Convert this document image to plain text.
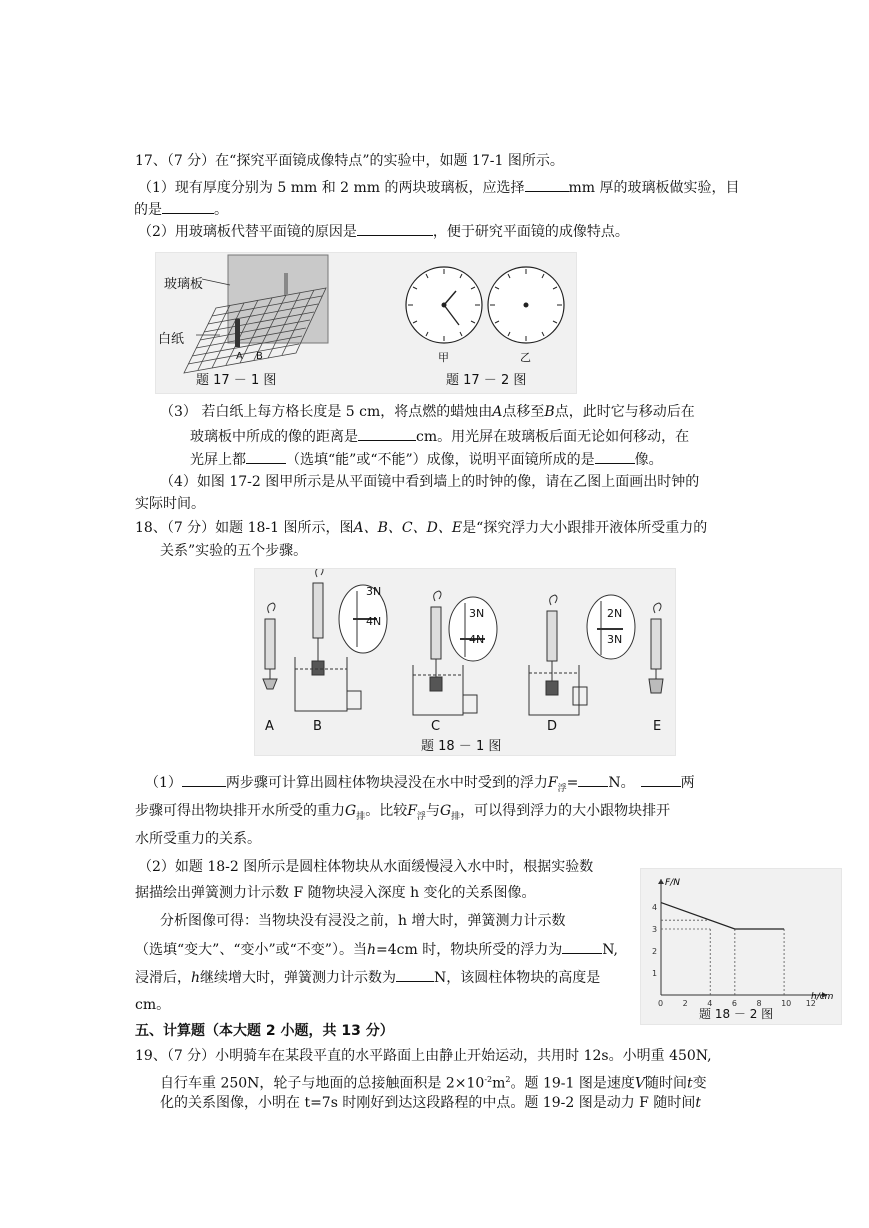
17、（7 分）在“探究平面镜成像特点”的实验中，如题 17-1 图所示。
（1）现有厚度分别为 5 mm 和 2 mm 的两块玻璃板，应选择	mm 厚的玻璃板做实验，目
的是	。
（2）用玻璃板代替平面镜的原因是	，便于研究平面镜的成像特点。
玻璃板
白纸
A B	甲	乙
题 17 － 1 图	题 17 － 2 图
（3） 若白纸上每方格长度是 5 cm，将点燃的蜡烛由A点移至B点，此时它与移动后在
玻璃板中所成的像的距离是	cm。用光屏在玻璃板后面无论如何移动，在
光屏上都	（选填“能”或“不能”）成像，说明平面镜所成的是	像。
（4）如图 17-2 图甲所示是从平面镜中看到墙上的时钟的像，请在乙图上面画出时钟的
实际时间。
18、（7 分）如题 18-1 图所示，图A、B、C、D、E是“探究浮力大小跟排开液体所受重力的
关系”实验的五个步骤。
3N
4N
3N
4N
2N
3N
A	B	C	D	E
题 18 － 1 图
（1）	两步骤可计算出圆柱体物块浸没在水中时受到的浮力$F_浮= N$。	两
步骤可得出物块排开水所受的重力$G_排$。比较$F_浮$与$G_排$，可以得到浮力的大小跟物块排开
水所受重力的关系。
（2）如题 18-2 图所示是圆柱体物块从水面缓慢浸入水中时，根据实验数
据描绘出弹簧测力计示数 F 随物块浸入深度 h 变化的关系图像。
分析图像可得：当物块没有浸没之前，h 增大时，弹簧测力计示数
（选填“变大”、“变小”或“不变”）。当h=4cm 时，物块所受的浮力为	N,
浸滑后，h继续增大时，弹簧测力计示数为	N，该圆柱体物块的高度是
cm。	h/cm
F/N
0 2 4 6 8 10 12
1
2
3
4
题 18 － 2 图
五、计算题（本大题 2 小题，共 13 分）
19、（7 分）小明骑车在某段平直的水平路面上由静止开始运动，共用时 12s。小明重 450N,
自行车重 250N，轮子与地面的总接触面积是 $2\times 10^{-2}m^2$。题 19-1 图是速度V随时间t变
化的关系图像，小明在 t=7s 时刚好到达这段路程的中点。题 19-2 图是动力 F 随时间t
